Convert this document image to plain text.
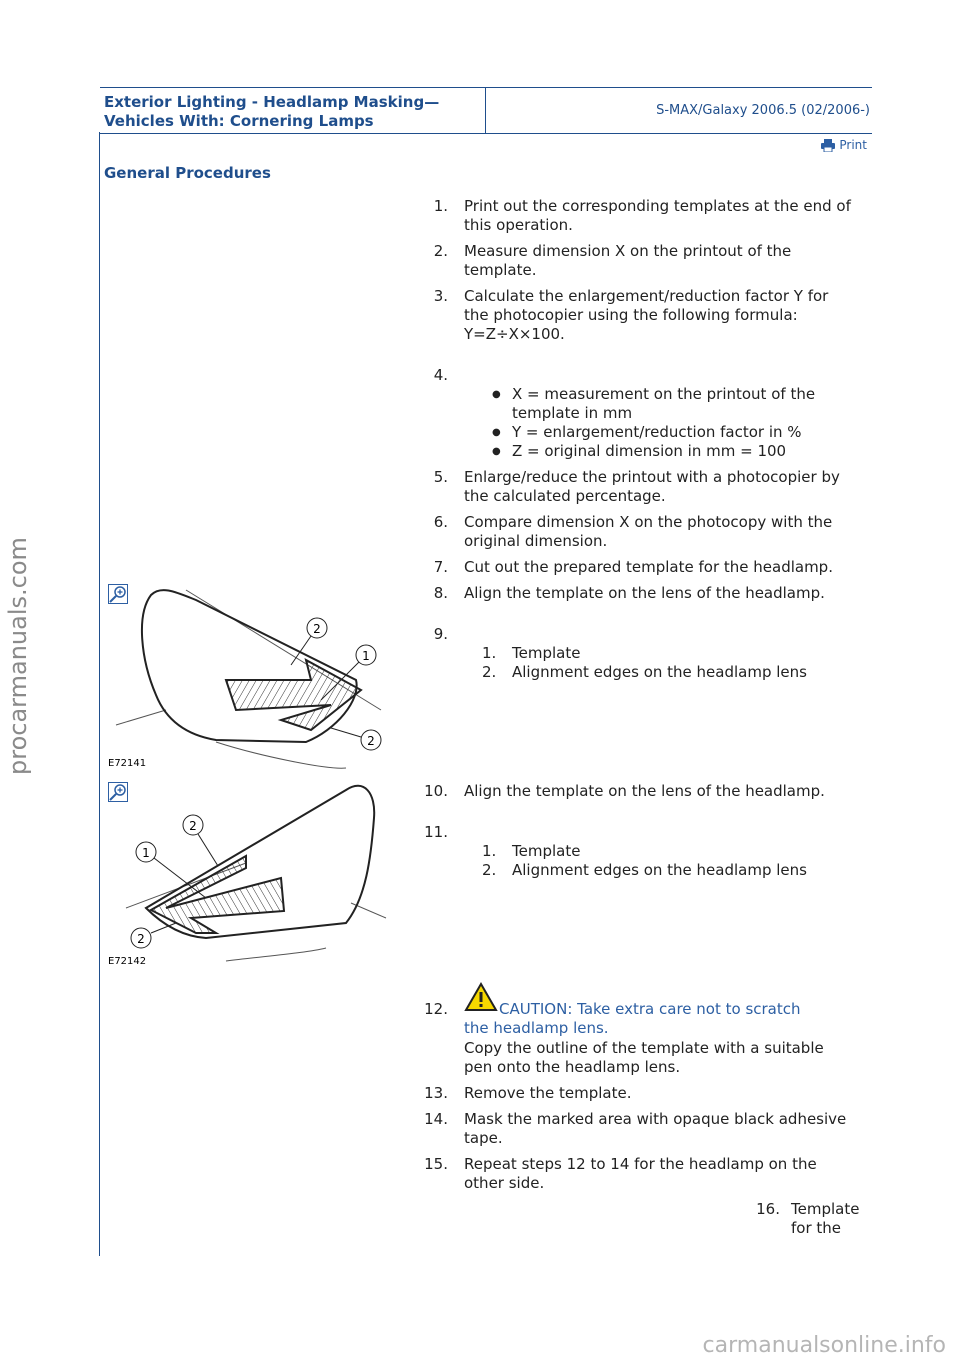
Exterior Lighting - Headlamp Masking—
Vehicles With: Cornering Lamps
S-MAX/Galaxy 2006.5 (02/2006-)
Print
General Procedures
1. Print out the corresponding templates at the end of
this operation.
2. Measure dimension X on the printout of the
template.
3. Calculate the enlargement/reduction factor Y for
the photocopier using the following formula:
Y=Z÷X×100.
4.
● X = measurement on the printout of the
template in mm
● Y = enlargement/reduction factor in %
● Z = original dimension in mm = 100
5. Enlarge/reduce the printout with a photocopier by
the calculated percentage.
6. Compare dimension X on the photocopy with the
original dimension.
7. Cut out the prepared template for the headlamp.
8. Align the template on the lens of the headlamp.
9.
1. Template
2. Alignment edges on the headlamp lens
10. Align the template on the lens of the headlamp.
11.
1. Template
2. Alignment edges on the headlamp lens
12.	CAUTION: Take extra care not to scratch
the headlamp lens.
Copy the outline of the template with a suitable
pen onto the headlamp lens.
13. Remove the template.
14. Mask the marked area with opaque black adhesive
tape.
15. Repeat steps 12 to 14 for the headlamp on the
other side.
16. Template
for the
2
1
2
E72141
2
1
2
E72142
procarmanuals.com
carmanualsonline.info
